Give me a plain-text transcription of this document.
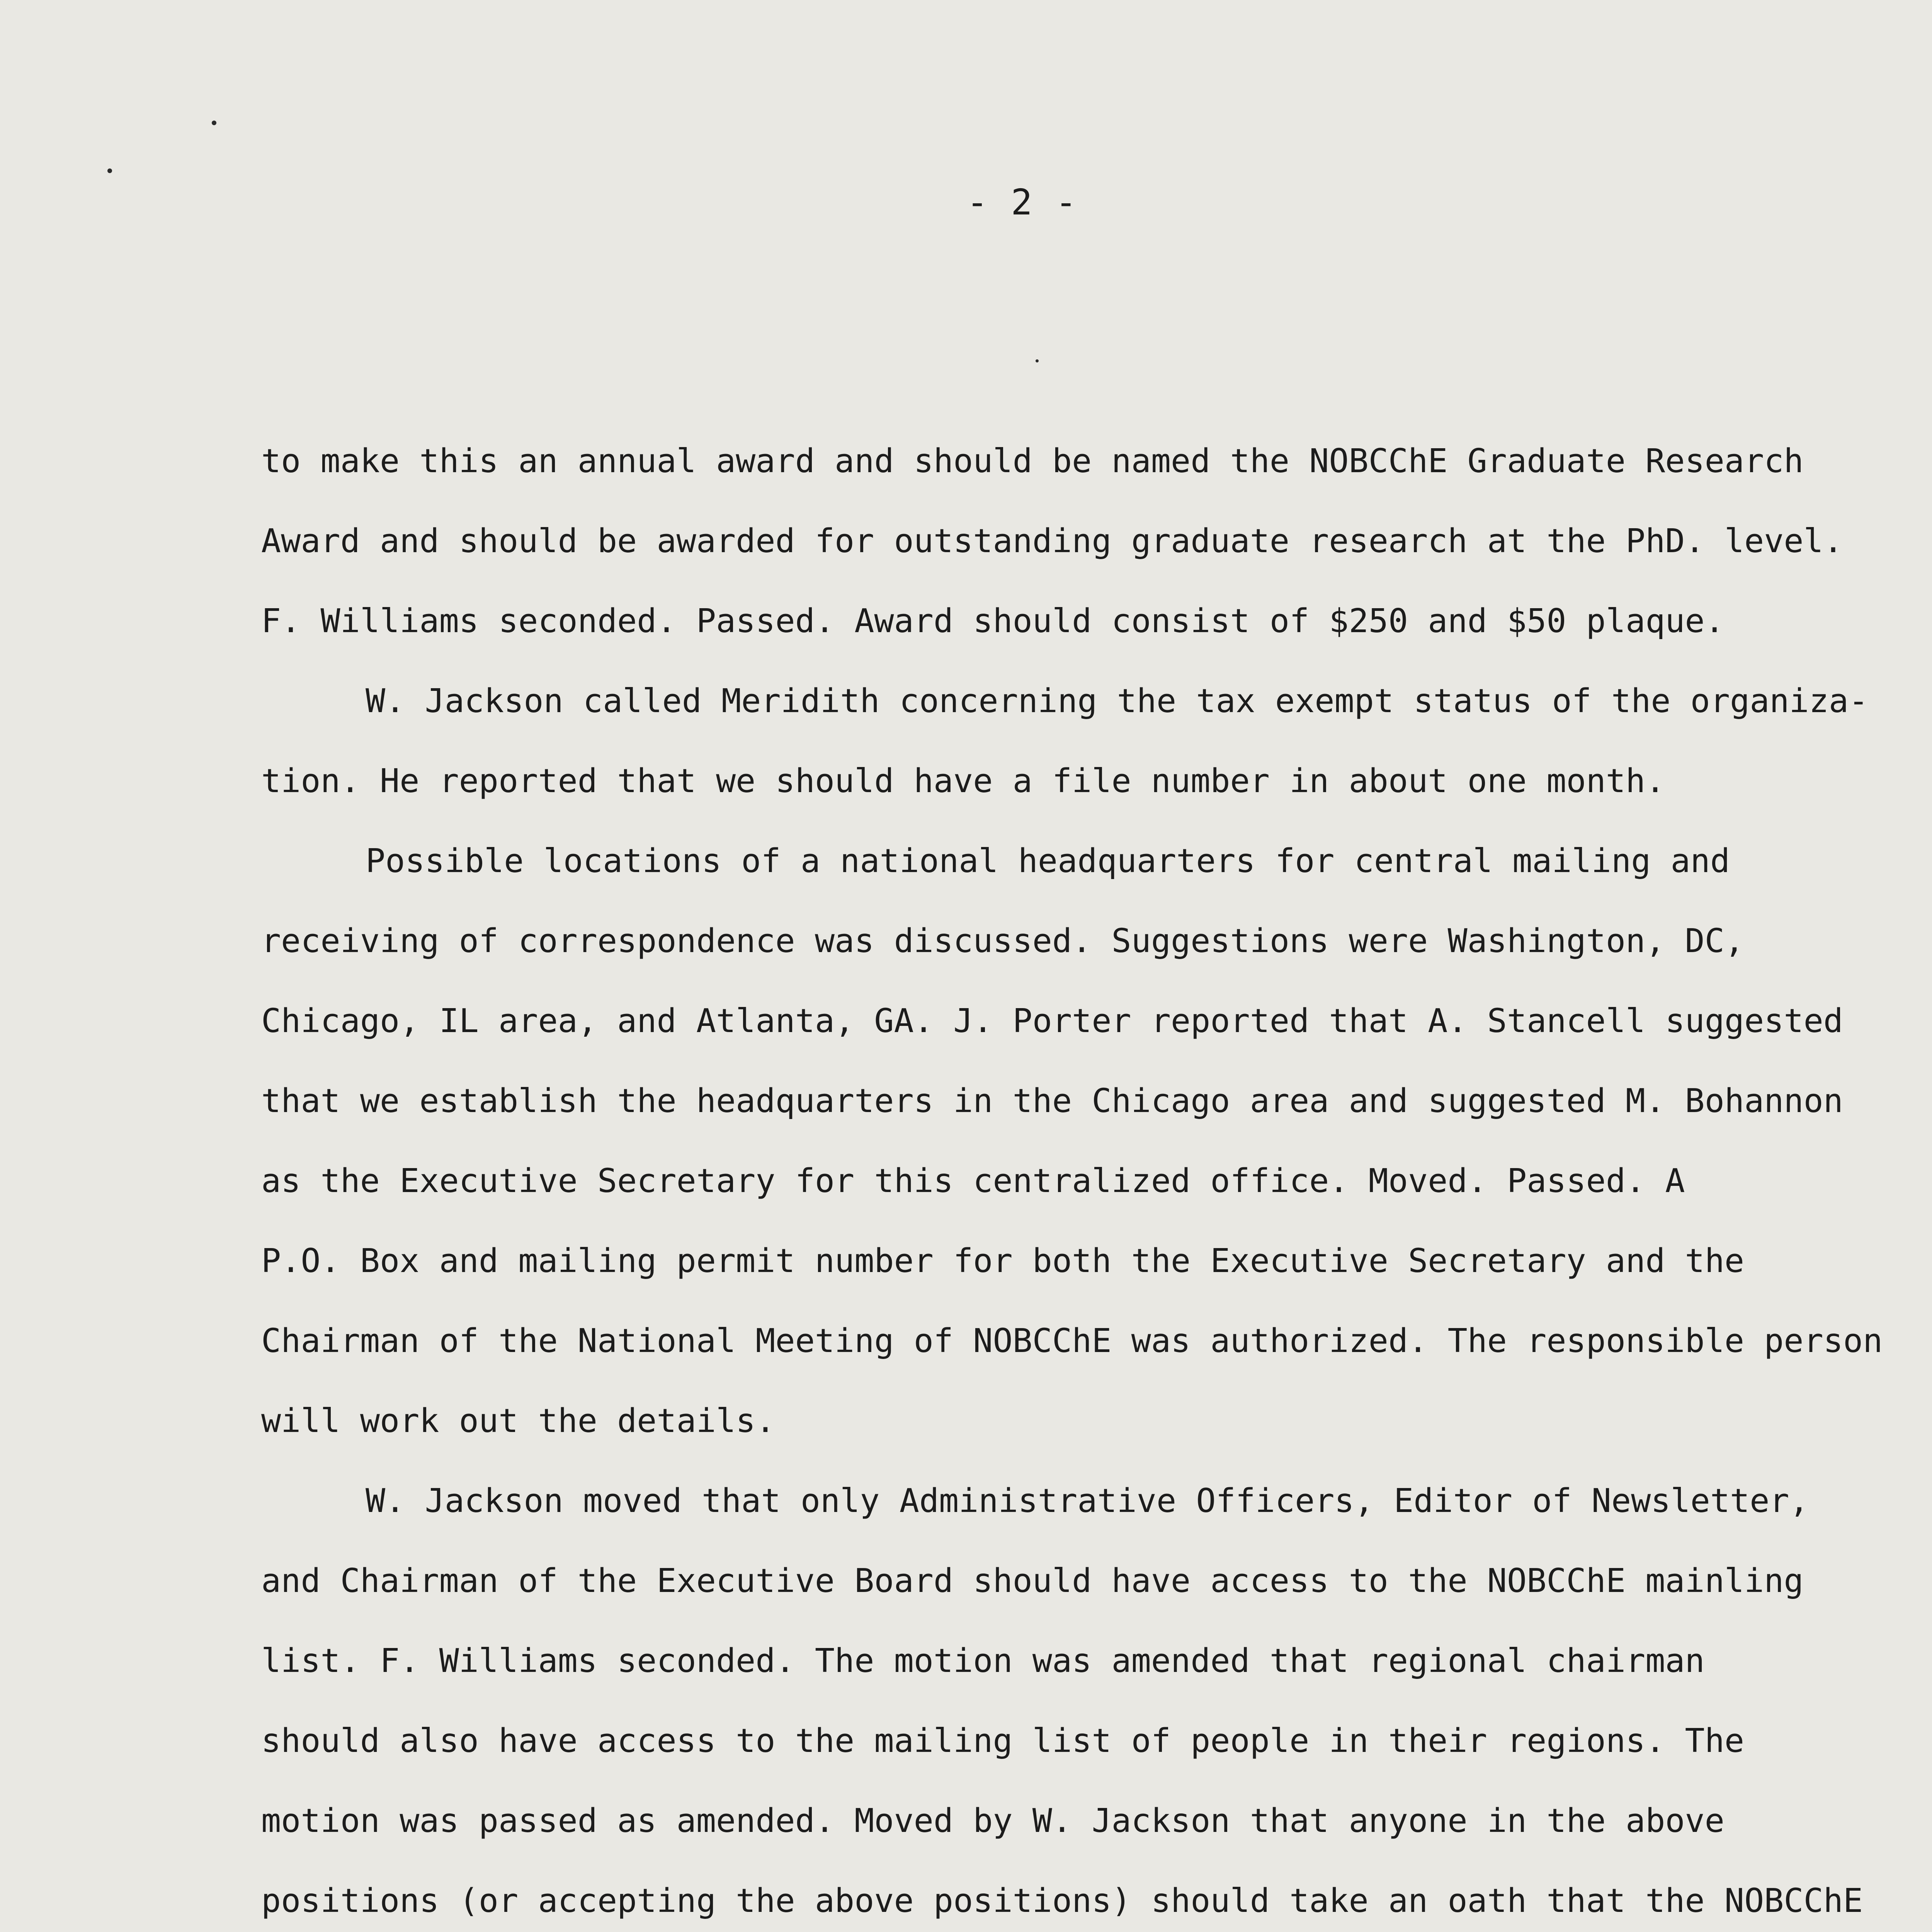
- 2 -

to make this an annual award and should be named the NOBCChE Graduate Research
Award and should be awarded for outstanding graduate research at the PhD. level.
F. Williams seconded. Passed. Award should consist of $250 and $50 plaque.

W. Jackson called Meridith concerning the tax exempt status of the organiza-
tion. He reported that we should have a file number in about one month.

Possible locations of a national headquarters for central mailing and
receiving of correspondence was discussed. Suggestions were Washington, DC,
Chicago, IL area, and Atlanta, GA. J. Porter reported that A. Stancell suggested
that we establish the headquarters in the Chicago area and suggested M. Bohannon
as the Executive Secretary for this centralized office. Moved. Passed. A
P.O. Box and mailing permit number for both the Executive Secretary and the
Chairman of the National Meeting of NOBCChE was authorized. The responsible person
will work out the details.

W. Jackson moved that only Administrative Officers, Editor of Newsletter,
and Chairman of the Executive Board should have access to the NOBCChE mainling
list. F. Williams seconded. The motion was amended that regional chairman
should also have access to the mailing list of people in their regions. The
motion was passed as amended. Moved by W. Jackson that anyone in the above
positions (or accepting the above positions) should take an oath that the NOBCChE
